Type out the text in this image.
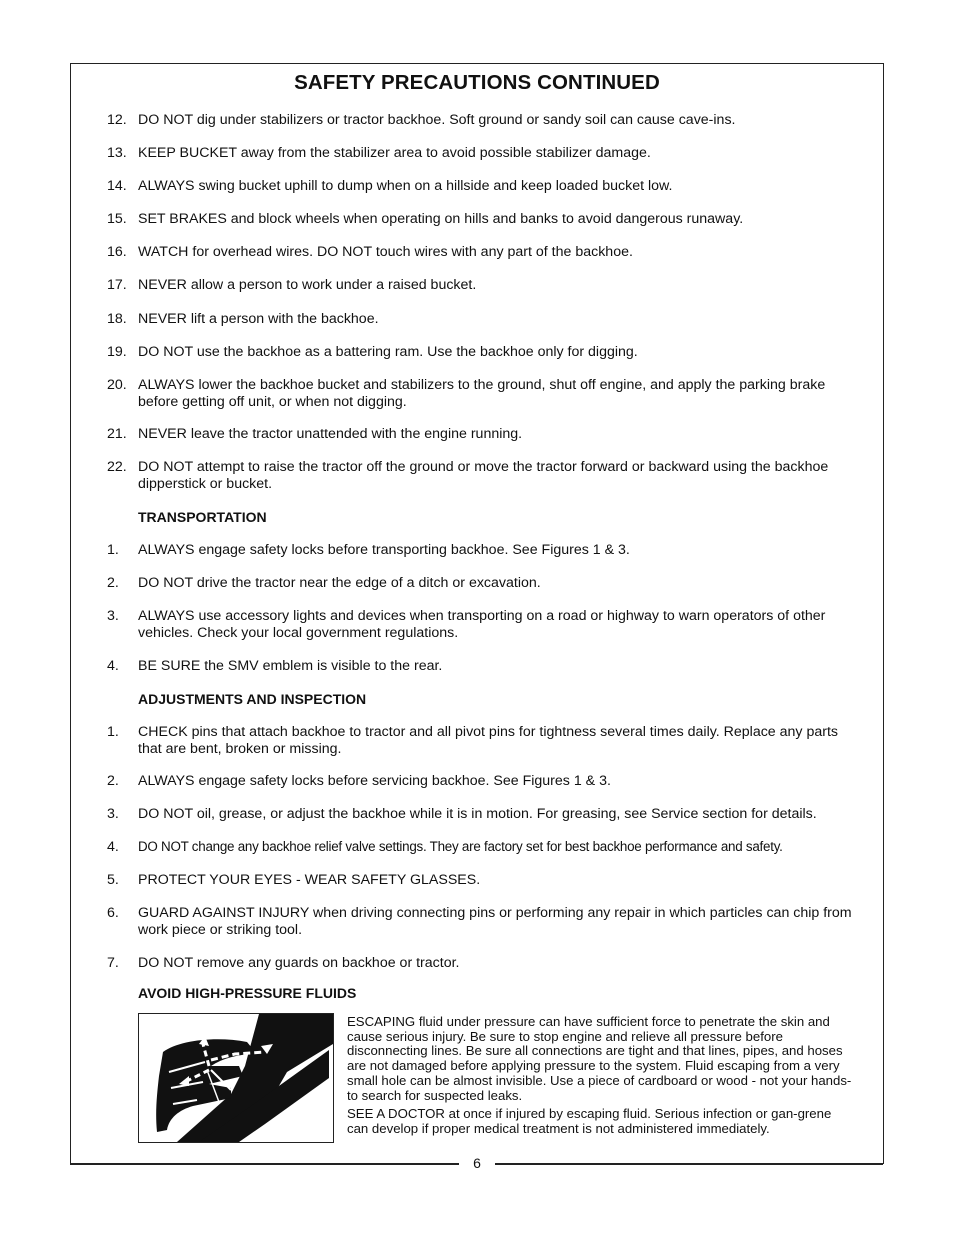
SAFETY PRECAUTIONS CONTINUED
12. DO NOT dig under stabilizers or tractor backhoe. Soft ground or sandy soil can cause cave-ins.
13. KEEP BUCKET away from the stabilizer area to avoid possible stabilizer damage.
14. ALWAYS swing bucket uphill to dump when on a hillside and keep loaded bucket low.
15. SET BRAKES and block wheels when operating on hills and banks to avoid dangerous runaway.
16. WATCH for overhead wires. DO NOT touch wires with any part of the backhoe.
17. NEVER allow a person to work under a raised bucket.
18. NEVER lift a person with the backhoe.
19. DO NOT use the backhoe as a battering ram. Use the backhoe only for digging.
20. ALWAYS lower the backhoe bucket and stabilizers to the ground, shut off engine, and apply the parking brake before getting off unit, or when not digging.
21. NEVER leave the tractor unattended with the engine running.
22. DO NOT attempt to raise the tractor off the ground or move the tractor forward or backward using the backhoe dipperstick or bucket.
TRANSPORTATION
1. ALWAYS engage safety locks before transporting backhoe. See Figures 1 & 3.
2. DO NOT drive the tractor near the edge of a ditch or excavation.
3. ALWAYS use accessory lights and devices when transporting on a road or highway to warn operators of other vehicles. Check your local government regulations.
4. BE SURE the SMV emblem is visible to the rear.
ADJUSTMENTS AND INSPECTION
1. CHECK pins that attach backhoe to tractor and all pivot pins for tightness several times daily. Replace any parts that are bent, broken or missing.
2. ALWAYS engage safety locks before servicing backhoe. See Figures 1 & 3.
3. DO NOT oil, grease, or adjust the backhoe while it is in motion. For greasing, see Service section for details.
4. DO NOT change any backhoe relief valve settings. They are factory set for best backhoe performance and safety.
5. PROTECT YOUR EYES - WEAR SAFETY GLASSES.
6. GUARD AGAINST INJURY when driving connecting pins or performing any repair in which particles can chip from work piece or striking tool.
7. DO NOT remove any guards on backhoe or tractor.
AVOID HIGH-PRESSURE FLUIDS
ESCAPING fluid under pressure can have sufficient force to penetrate the skin and cause serious injury. Be sure to stop engine and relieve all pressure before disconnecting lines. Be sure all connections are tight and that lines, pipes, and hoses are not damaged before applying pressure to the system. Fluid escaping from a very small hole can be almost invisible. Use a piece of cardboard or wood - not your hands-to search for suspected leaks.
SEE A DOCTOR at once if injured by escaping fluid. Serious infection or gan-grene can develop if proper medical treatment is not administered immediately.
6
